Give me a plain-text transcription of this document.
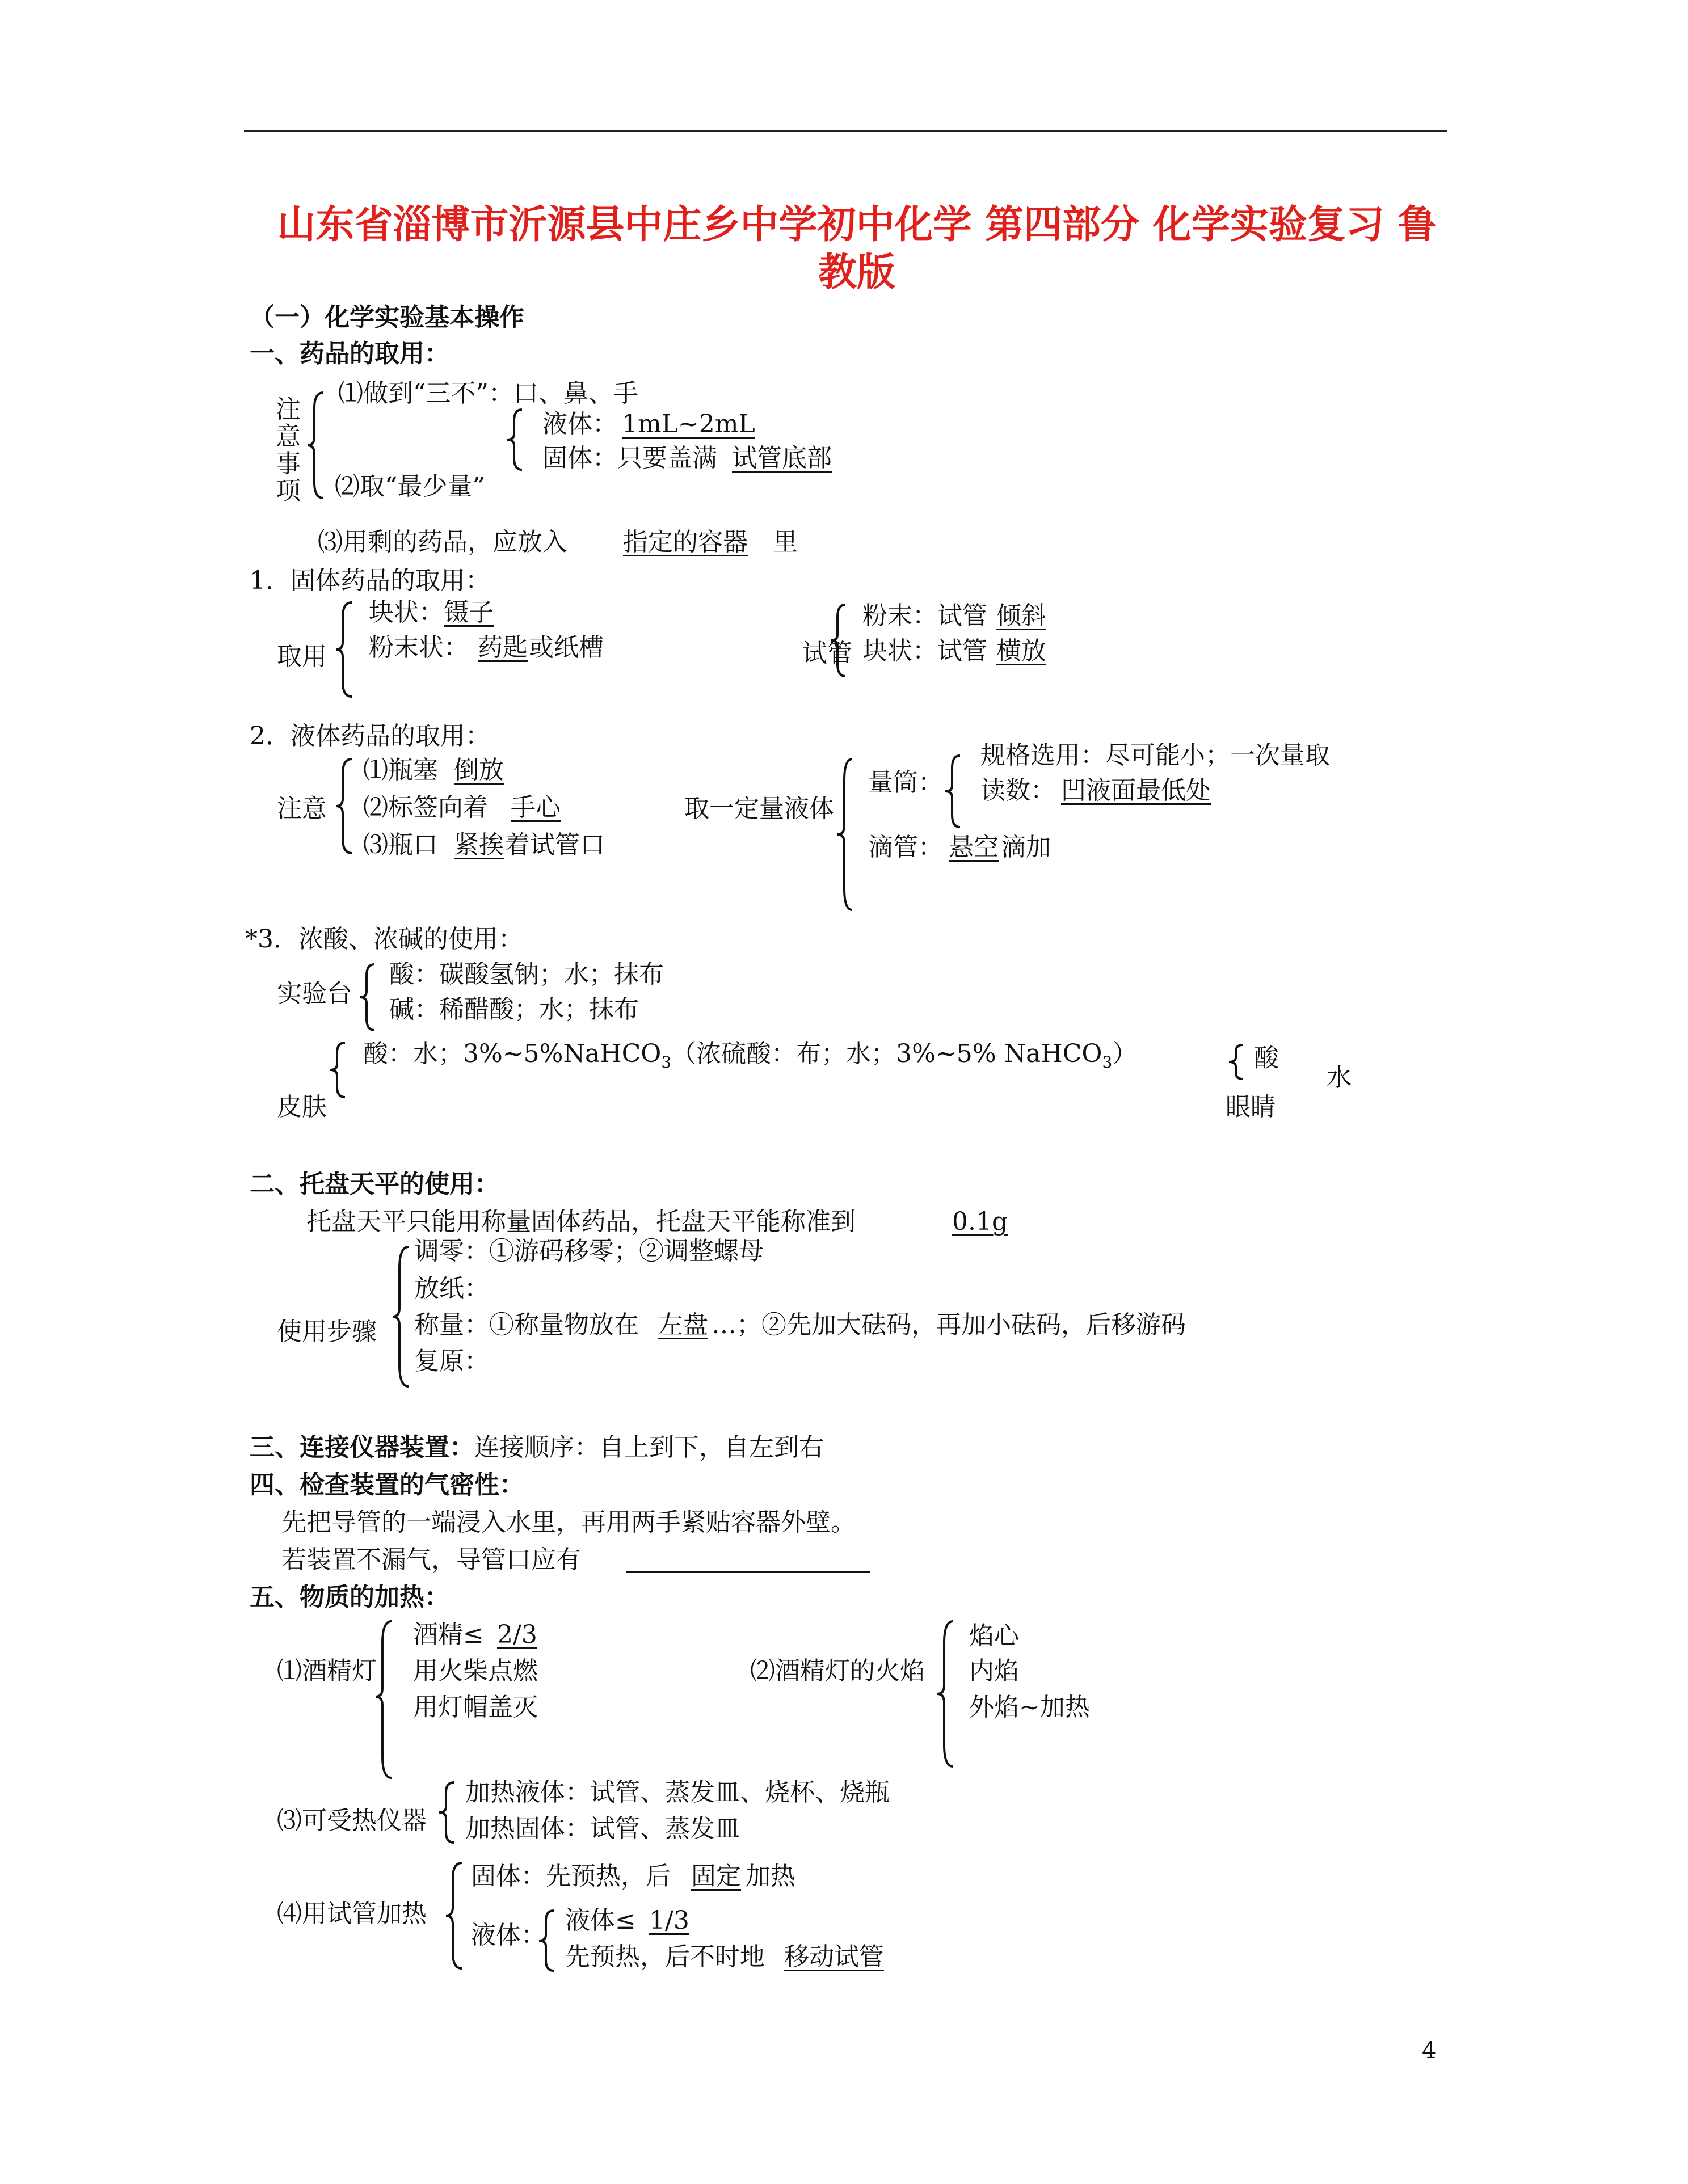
山东省淄博市沂源县中庄乡中学初中化学 第四部分 化学实验复习 鲁
教版
（一）化学实验基本操作
一、药品的取用：
注
意
事
项
⑴做到“三不”：口、鼻、手
液体： 1mL~2mL
固体：只要盖满 试管底部
⑵取“最少量”
⑶用剩的药品，应放入 指定的容器 里
1．固体药品的取用：
取用
块状： 镊子
粉末状： 药匙 或纸槽	试管
粉末：试管 倾斜
块状：试管 横放
2．液体药品的取用：
注意
⑴瓶塞 倒放
⑵标签向着 手心
⑶瓶口 紧挨 着试管口
取一定量液体
量筒：
规格选用：尽可能小；一次量取
读数： 凹液面最低处
滴管： 悬空 滴加
*3．浓酸、浓碱的使用：
实验台
酸：碳酸氢钠；水；抹布
碱：稀醋酸；水；抹布
酸：水；3%~5%NaHCO$_3$（浓硫酸：布；水；3%~5% NaHCO$_3$）
皮肤
酸
水
眼睛
二、托盘天平的使用：
托盘天平只能用称量固体药品，托盘天平能称准到	0.1g
使用步骤
调零：①游码移零；②调整螺母
放纸：
称量：①称量物放在 左盘 …；②先加大砝码，再加小砝码，后移游码
复原：
三、连接仪器装置：连接顺序：自上到下，自左到右
四、检查装置的气密性：
先把导管的一端浸入水里，再用两手紧贴容器外壁。
若装置不漏气，导管口应有
五、物质的加热：
⑴酒精灯
酒精≤ 2/3
用火柴点燃
用灯帽盖灭
⑵酒精灯的火焰
焰心
内焰
外焰~加热
⑶可受热仪器
加热液体：试管、蒸发皿、烧杯、烧瓶
加热固体：试管、蒸发皿
⑷用试管加热
固体：先预热，后 固定 加热
液体：
液体≤ 1/3
先预热，后不时地 移动试管
4
